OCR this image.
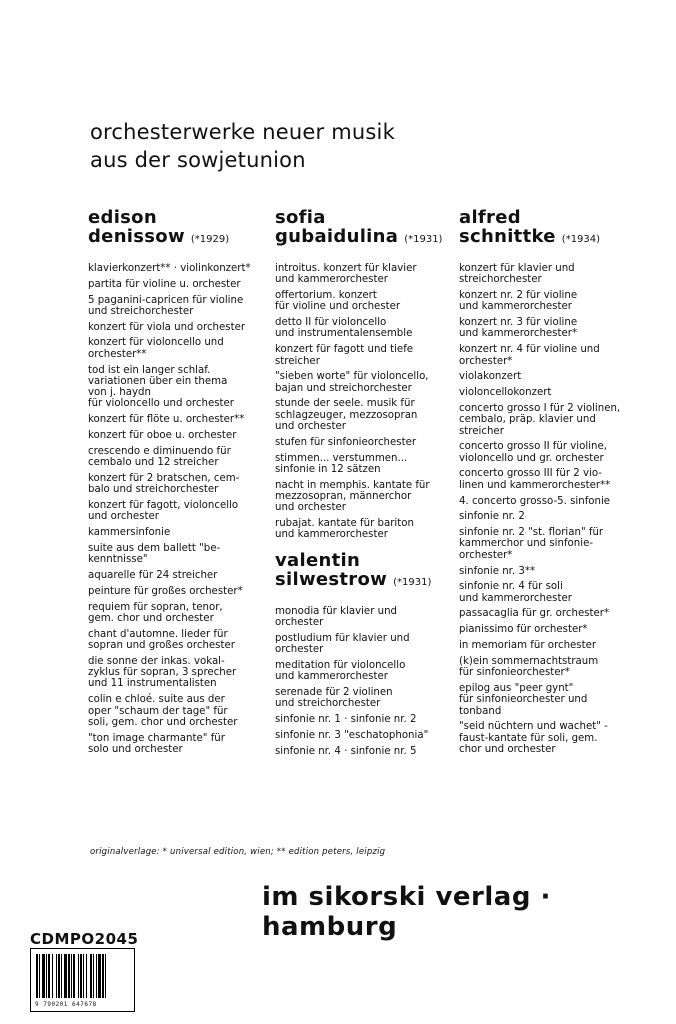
orchesterwerke neuer musik
aus der sowjetunion
edison
denissow (*1929)
klavierkonzert** · violinkonzert*
partita für violine u. orchester
5 paganini-capricen für violine
und streichorchester
konzert für viola und orchester
konzert für violoncello und
orchester**
tod ist ein langer schlaf.
variationen über ein thema
von j. haydn
für violoncello und orchester
konzert für flöte u. orchester**
konzert für oboe u. orchester
crescendo e diminuendo für
cembalo und 12 streicher
konzert für 2 bratschen, cem-
balo und streichorchester
konzert für fagott, violoncello
und orchester
kammersinfonie
suite aus dem ballett "be-
kenntnisse"
aquarelle für 24 streicher
peinture für großes orchester*
requiem für sopran, tenor,
gem. chor und orchester
chant d'automne. lieder für
sopran und großes orchester
die sonne der inkas. vokal-
zyklus für sopran, 3 sprecher
und 11 instrumentalisten
colin e chloé. suite aus der
oper "schaum der tage" für
soli, gem. chor und orchester
"ton image charmante" für
solo und orchester
sofia
gubaidulina (*1931)
introitus. konzert für klavier
und kammerorchester
offertorium. konzert
für violine und orchester
detto II für violoncello
und instrumentalensemble
konzert für fagott und tiefe
streicher
"sieben worte" für violoncello,
bajan und streichorchester
stunde der seele. musik für
schlagzeuger, mezzosopran
und orchester
stufen für sinfonieorchester
stimmen... verstummen...
sinfonie in 12 sätzen
nacht in memphis. kantate für
mezzosopran, männerchor
und orchester
rubajat. kantate für bariton
und kammerorchester
valentin
silwestrow (*1931)
monodia für klavier und
orchester
postludium für klavier und
orchester
meditation für violoncello
und kammerorchester
serenade für 2 violinen
und streichorchester
sinfonie nr. 1 · sinfonie nr. 2
sinfonie nr. 3 "eschatophonia"
sinfonie nr. 4 · sinfonie nr. 5
alfred
schnittke (*1934)
konzert für klavier und
streichorchester
konzert nr. 2 für violine
und kammerorchester
konzert nr. 3 für violine
und kammerorchester*
konzert nr. 4 für violine und
orchester*
violakonzert
violoncellokonzert
concerto grosso I für 2 violinen,
cembalo, präp. klavier und
streicher
concerto grosso II für violine,
violoncello und gr. orchester
concerto grosso III für 2 vio-
linen und kammerorchester**
4. concerto grosso-5. sinfonie
sinfonie nr. 2
sinfonie nr. 2 "st. florian" für
kammerchor und sinfonie-
orchester*
sinfonie nr. 3**
sinfonie nr. 4 für soli
und kammerorchester
passacaglia für gr. orchester*
pianissimo für orchester*
in memoriam für orchester
(k)ein sommernachtstraum
für sinfonieorchester*
epilog aus "peer gynt"
für sinfonieorchester und
tonband
"seid nüchtern und wachet" -
faust-kantate für soli, gem.
chor und orchester
originalverlage: * universal edition, wien; ** edition peters, leipzig
im sikorski verlag · hamburg
CDMPO2045
9 790201 647678
